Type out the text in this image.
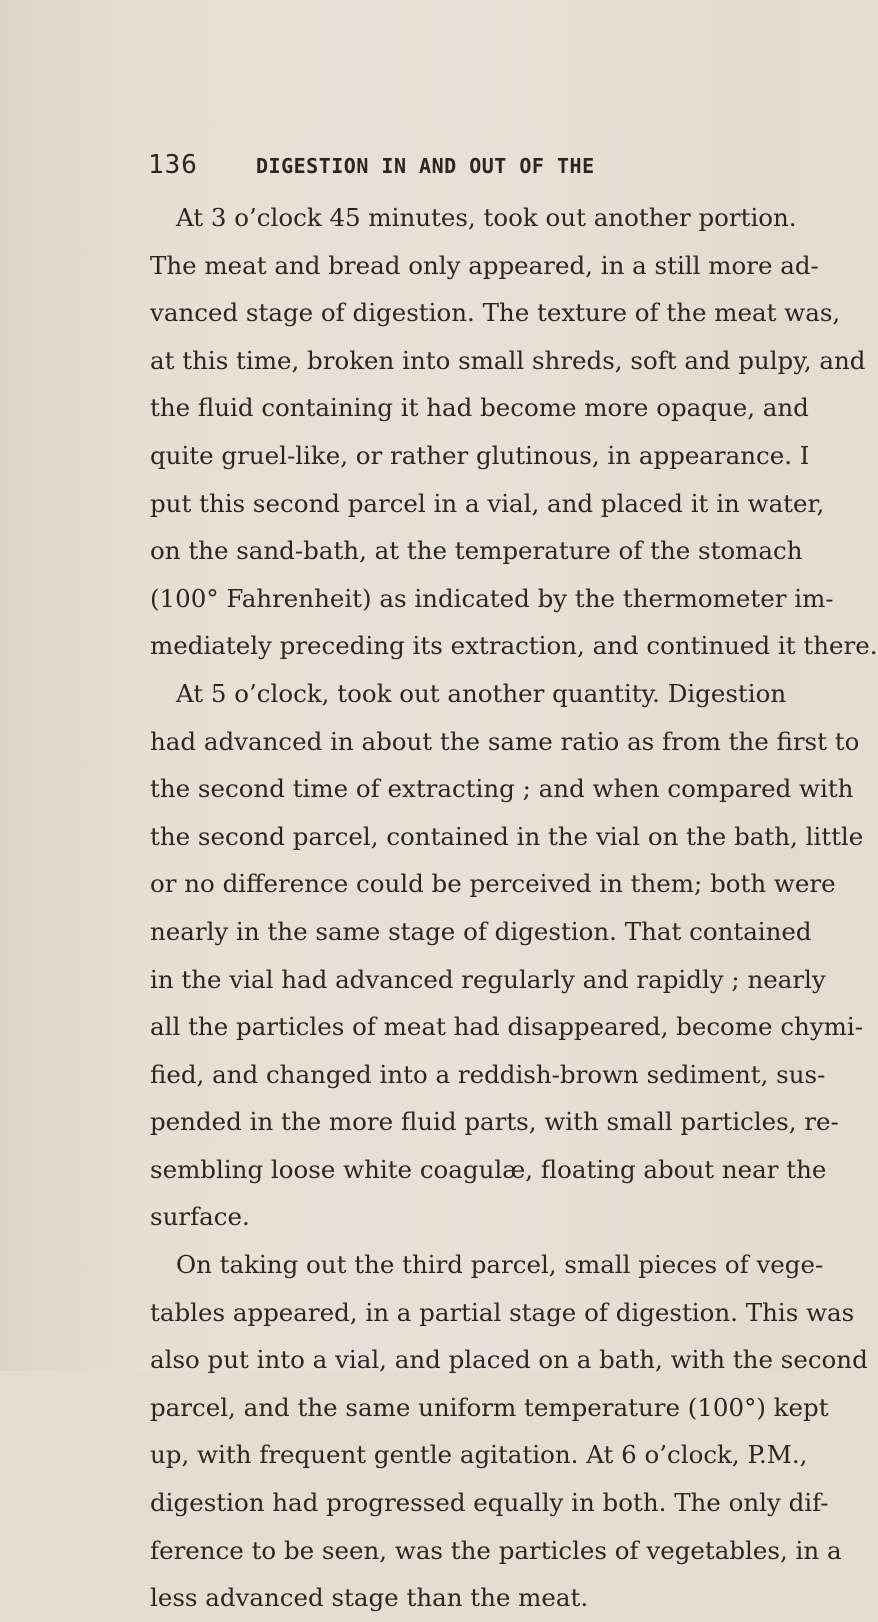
136	DIGESTION IN AND OUT OF THE
At 3 o’clock 45 minutes, took out another portion.
The meat and bread only appeared, in a still more ad-
vanced stage of digestion. The texture of the meat was,
at this time, broken into small shreds, soft and pulpy, and
the fluid containing it had become more opaque, and
quite gruel-like, or rather glutinous, in appearance. I
put this second parcel in a vial, and placed it in water,
on the sand-bath, at the temperature of the stomach
(100° Fahrenheit) as indicated by the thermometer im-
mediately preceding its extraction, and continued it there.
At 5 o’clock, took out another quantity. Digestion
had advanced in about the same ratio as from the first to
the second time of extracting ; and when compared with
the second parcel, contained in the vial on the bath, little
or no difference could be perceived in them; both were
nearly in the same stage of digestion. That contained
in the vial had advanced regularly and rapidly ; nearly
all the particles of meat had disappeared, become chymi-
fied, and changed into a reddish-brown sediment, sus-
pended in the more fluid parts, with small particles, re-
sembling loose white coagulæ, floating about near the
surface.
On taking out the third parcel, small pieces of vege-
tables appeared, in a partial stage of digestion. This was
also put into a vial, and placed on a bath, with the second
parcel, and the same uniform temperature (100°) kept
up, with frequent gentle agitation. At 6 o’clock, P.M.,
digestion had progressed equally in both. The only dif-
ference to be seen, was the particles of vegetables, in a
less advanced stage than the meat.
